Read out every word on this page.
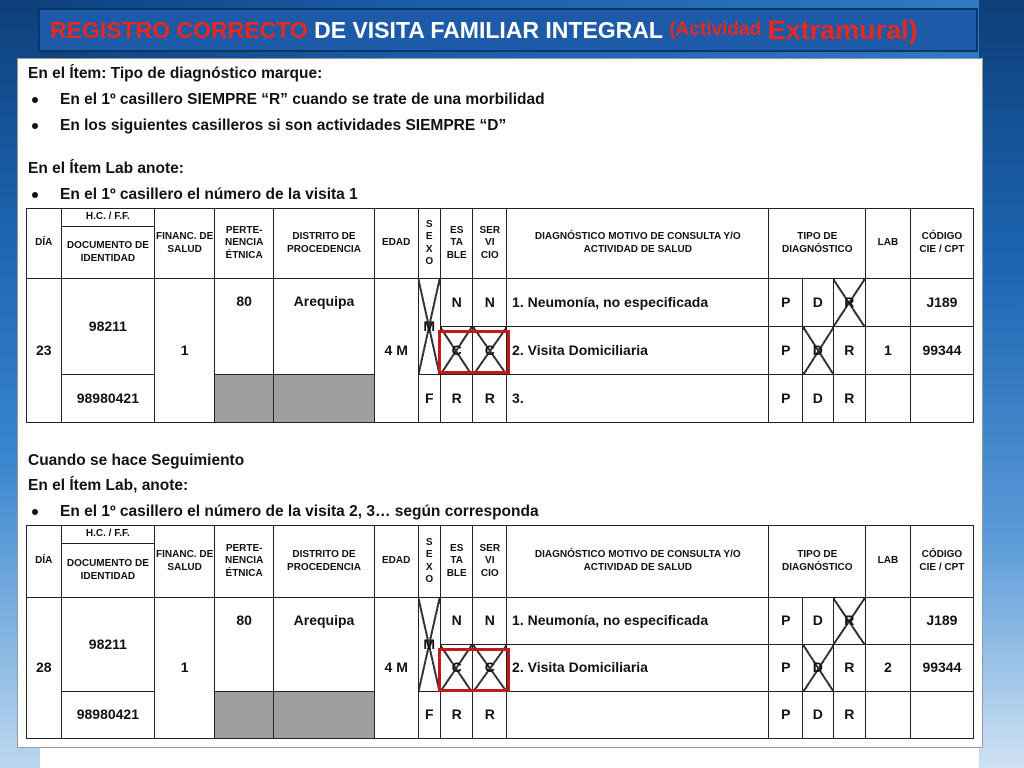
REGISTRO CORRECTO
DE VISITA FAMILIAR INTEGRAL
(Actividad
Extramural)
En el Ítem: Tipo de diagnóstico marque:
En el 1º casillero SIEMPRE “R” cuando se trate de una morbilidad
En los siguientes casilleros si son actividades SIEMPRE “D”
En el Ítem Lab anote:
En el 1º casillero el número de la visita 1
DÍA	H.C. / F.F.	FINANC. DE SALUD	PERTE- NENCIA ÉTNICA	DISTRITO DE PROCEDENCIA	EDAD	S E X O	ES TA BLE	SER VI CIO	DIAGNÓSTICO MOTIVO DE CONSULTA Y/O ACTIVIDAD DE SALUD	TIPO DE DIAGNÓSTICO			LAB	CÓDIGO CIE / CPT
	DOCUMENTO DE IDENTIDAD													
23	98211	1	80	Arequipa	4 M	M	N	N	1. Neumonía, no especificada	P	D	R		J189
							C	C	2. Visita Domiciliaria	P	D	R	1	99344
	98980421					F	R	R	3.	P	D	R		
Cuando se hace Seguimiento
En el Ítem Lab, anote:
En el 1º casillero el número de la visita 2, 3… según corresponda
DÍA	H.C. / F.F.	FINANC. DE SALUD	PERTE- NENCIA ÉTNICA	DISTRITO DE PROCEDENCIA	EDAD	S E X O	ES TA BLE	SER VI CIO	DIAGNÓSTICO MOTIVO DE CONSULTA Y/O ACTIVIDAD DE SALUD	TIPO DE DIAGNÓSTICO			LAB	CÓDIGO CIE / CPT
	DOCUMENTO DE IDENTIDAD													
28	98211	1	80	Arequipa	4 M	M	N	N	1. Neumonía, no especificada	P	D	R		J189
							C	C	2. Visita Domiciliaria	P	D	R	2	99344
	98980421					F	R	R		P	D	R		
